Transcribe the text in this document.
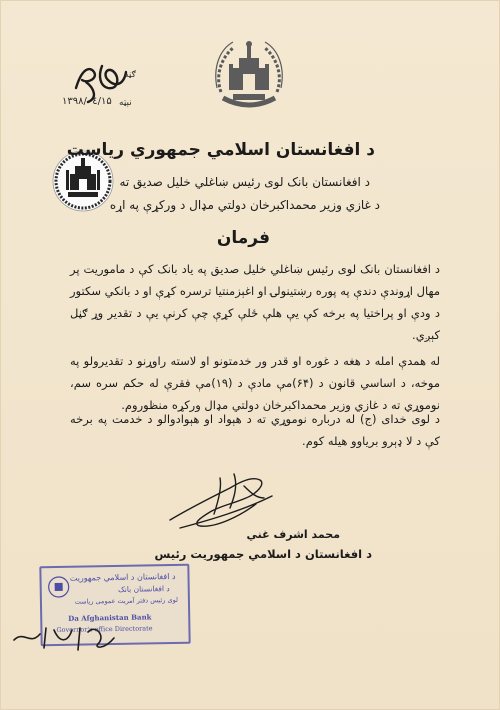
ګڼه
۱۳۹۸/٠٤/١۵ نېټه
د افغانستان اسلامي جمهوري رياست
د افغانستان بانک لوی رئیس ښاغلي خلیل صدیق ته
د غازي وزير محمداکبرخان دولتي مډال د ورکړې په اړه
فرمان
د افغانستان بانک لوی رئیس ښاغلي خلیل صدیق په یاد بانک کې د ماموریت پر مهال اړوندې دندې په پوره رښتینولۍ او اغېزمنتیا ترسره کړې او د بانکي سکتور د ودې او پراختیا په برخه کې یې هلې ځلې کړې چې کرنې یې د تقدیر وړ ګڼل کېږي.
له همدې امله د هغه د غوره او قدر ور خدمتونو او لاسته راوړنو د تقدیرولو په موخه، د اساسي قانون د (۶۴)مې مادې د (۱۹)مې فقرې له حکم سره سم، نوموړي ته د غازي وزير محمداکبرخان دولتي مډال ورکړه منظوروم.
د لوی خدای (ج) له درباره نوموړي ته د هېواد او هېوادوالو د خدمت په برخه کې د لا ډېرو بریاوو هیله کوم.
محمد اشرف غني
د افغانستان د اسلامي جمهوريت رئيس
د افغانستان د اسلامي جمهوريت
د افغانستان بانک
لوی رئیس دفتر آمریت عمومی ریاست
Da Afghanistan Bank
Governor's office Directorate
